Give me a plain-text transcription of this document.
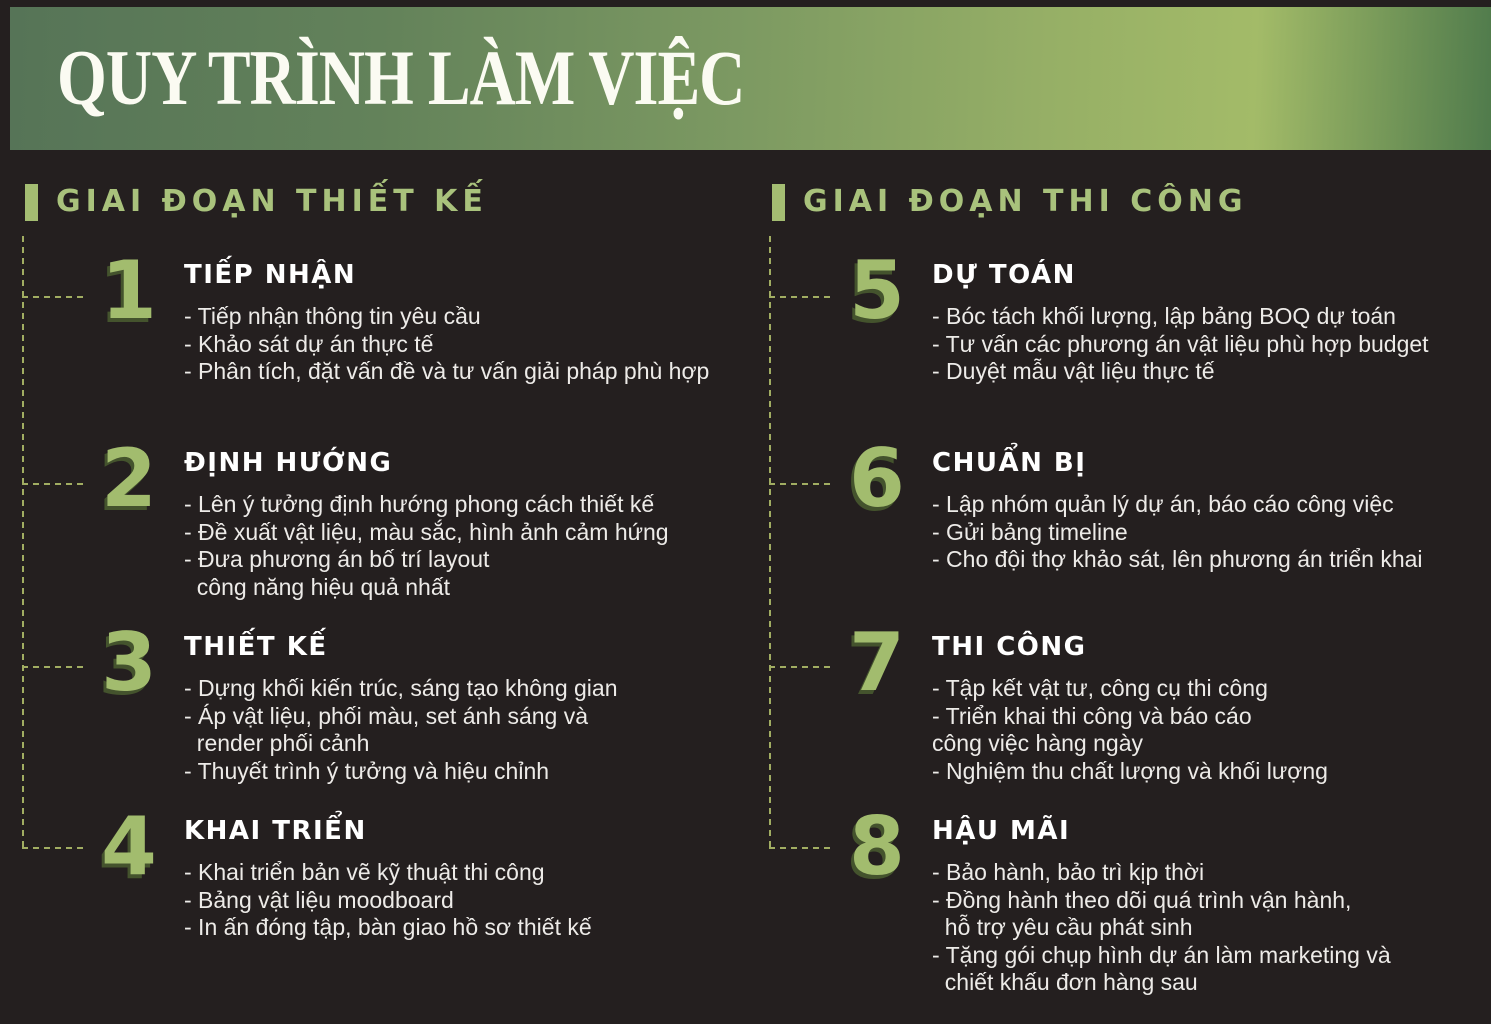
QUY TRÌNH LÀM VIỆC
GIAI ĐOẠN THIẾT KẾ	GIAI ĐOẠN THI CÔNG
1	TIẾP NHẬN
- Tiếp nhận thông tin yêu cầu
- Khảo sát dự án thực tế
- Phân tích, đặt vấn đề và tư vấn giải pháp phù hợp
2	ĐỊNH HƯỚNG
- Lên ý tưởng định hướng phong cách thiết kế
- Đề xuất vật liệu, màu sắc, hình ảnh cảm hứng
- Đưa phương án bố trí layout
công năng hiệu quả nhất
3	THIẾT KẾ
- Dựng khối kiến trúc, sáng tạo không gian
- Áp vật liệu, phối màu, set ánh sáng và
render phối cảnh
- Thuyết trình ý tưởng và hiệu chỉnh
4	KHAI TRIỂN
- Khai triển bản vẽ kỹ thuật thi công
- Bảng vật liệu moodboard
- In ấn đóng tập, bàn giao hồ sơ thiết kế
5	DỰ TOÁN
- Bóc tách khối lượng, lập bảng BOQ dự toán
- Tư vấn các phương án vật liệu phù hợp budget
- Duyệt mẫu vật liệu thực tế
6	CHUẨN BỊ
- Lập nhóm quản lý dự án, báo cáo công việc
- Gửi bảng timeline
- Cho đội thợ khảo sát, lên phương án triển khai
7	THI CÔNG
- Tập kết vật tư, công cụ thi công
- Triển khai thi công và báo cáo
công việc hàng ngày
- Nghiệm thu chất lượng và khối lượng
8	HẬU MÃI
- Bảo hành, bảo trì kịp thời
- Đồng hành theo dõi quá trình vận hành,
hỗ trợ yêu cầu phát sinh
- Tặng gói chụp hình dự án làm marketing và
chiết khấu đơn hàng sau
